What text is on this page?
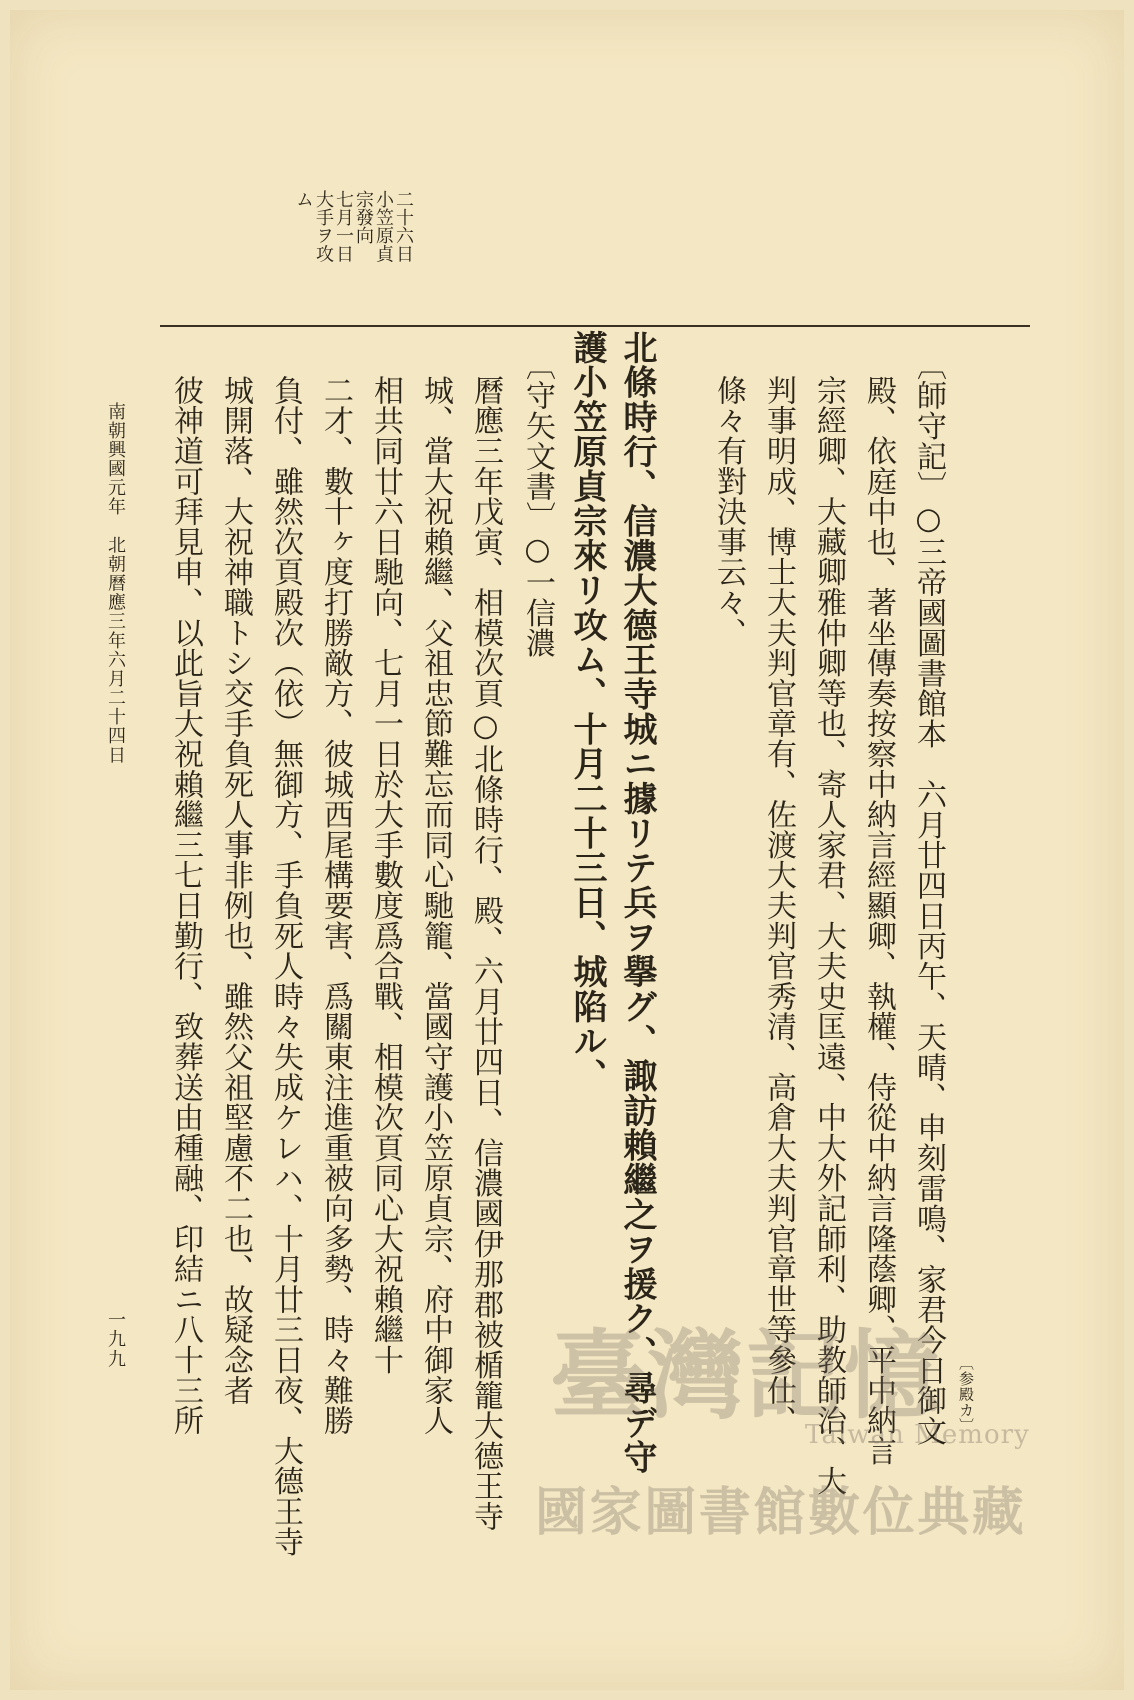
二十六日
小笠原貞
宗發向
七月一日
大手ヲ攻
ム
〔師守記〕○三帝國圖書館本　六月廿四日丙午、天晴、申刻雷鳴、家君今日御文 〔参殿カ〕
殿、依庭中也、著坐傳奏按察中納言經顯卿、執權、侍從中納言隆蔭卿、平中納言
宗經卿、大藏卿雅仲卿等也、寄人家君、大夫史匡遠、中大外記師利、助教師治、大
判事明成、博士大夫判官章有、佐渡大夫判官秀清、高倉大夫判官章世等參仕、
條々有對決事云々、
北條時行、信濃大德王寺城ニ據リテ兵ヲ擧グ、諏訪賴繼之ヲ援ク、尋デ守
護小笠原貞宗來リ攻ム、十月二十三日、城陷ル、
〔守矢文書〕○一信濃
曆應三年戊寅、相模次頁○北條時行、殿、六月廿四日、信濃國伊那郡被楯籠大德王寺
城、當大祝賴繼、父祖忠節難忘而同心馳籠、當國守護小笠原貞宗、府中御家人
相共同廿六日馳向、七月一日於大手數度爲合戰、相模次頁同心大祝賴繼十
二才、數十ヶ度打勝敵方、彼城西尾構要害、爲關東注進重被向多勢、時々難勝
負付、雖然次頁殿次（依）無御方、手負死人時々失成ケレハ、十月廿三日夜、大德王寺
城開落、大祝神職トシ交手負死人事非例也、雖然父祖堅慮不二也、故疑念者
彼神道可拜見申、以此旨大祝賴繼三七日勤行、致葬送由種融、印結ニ八十三所
南朝興國元年　北朝曆應三年六月二十四日
一九九	臺灣記憶
Taiwan Memory
國家圖書館數位典藏
